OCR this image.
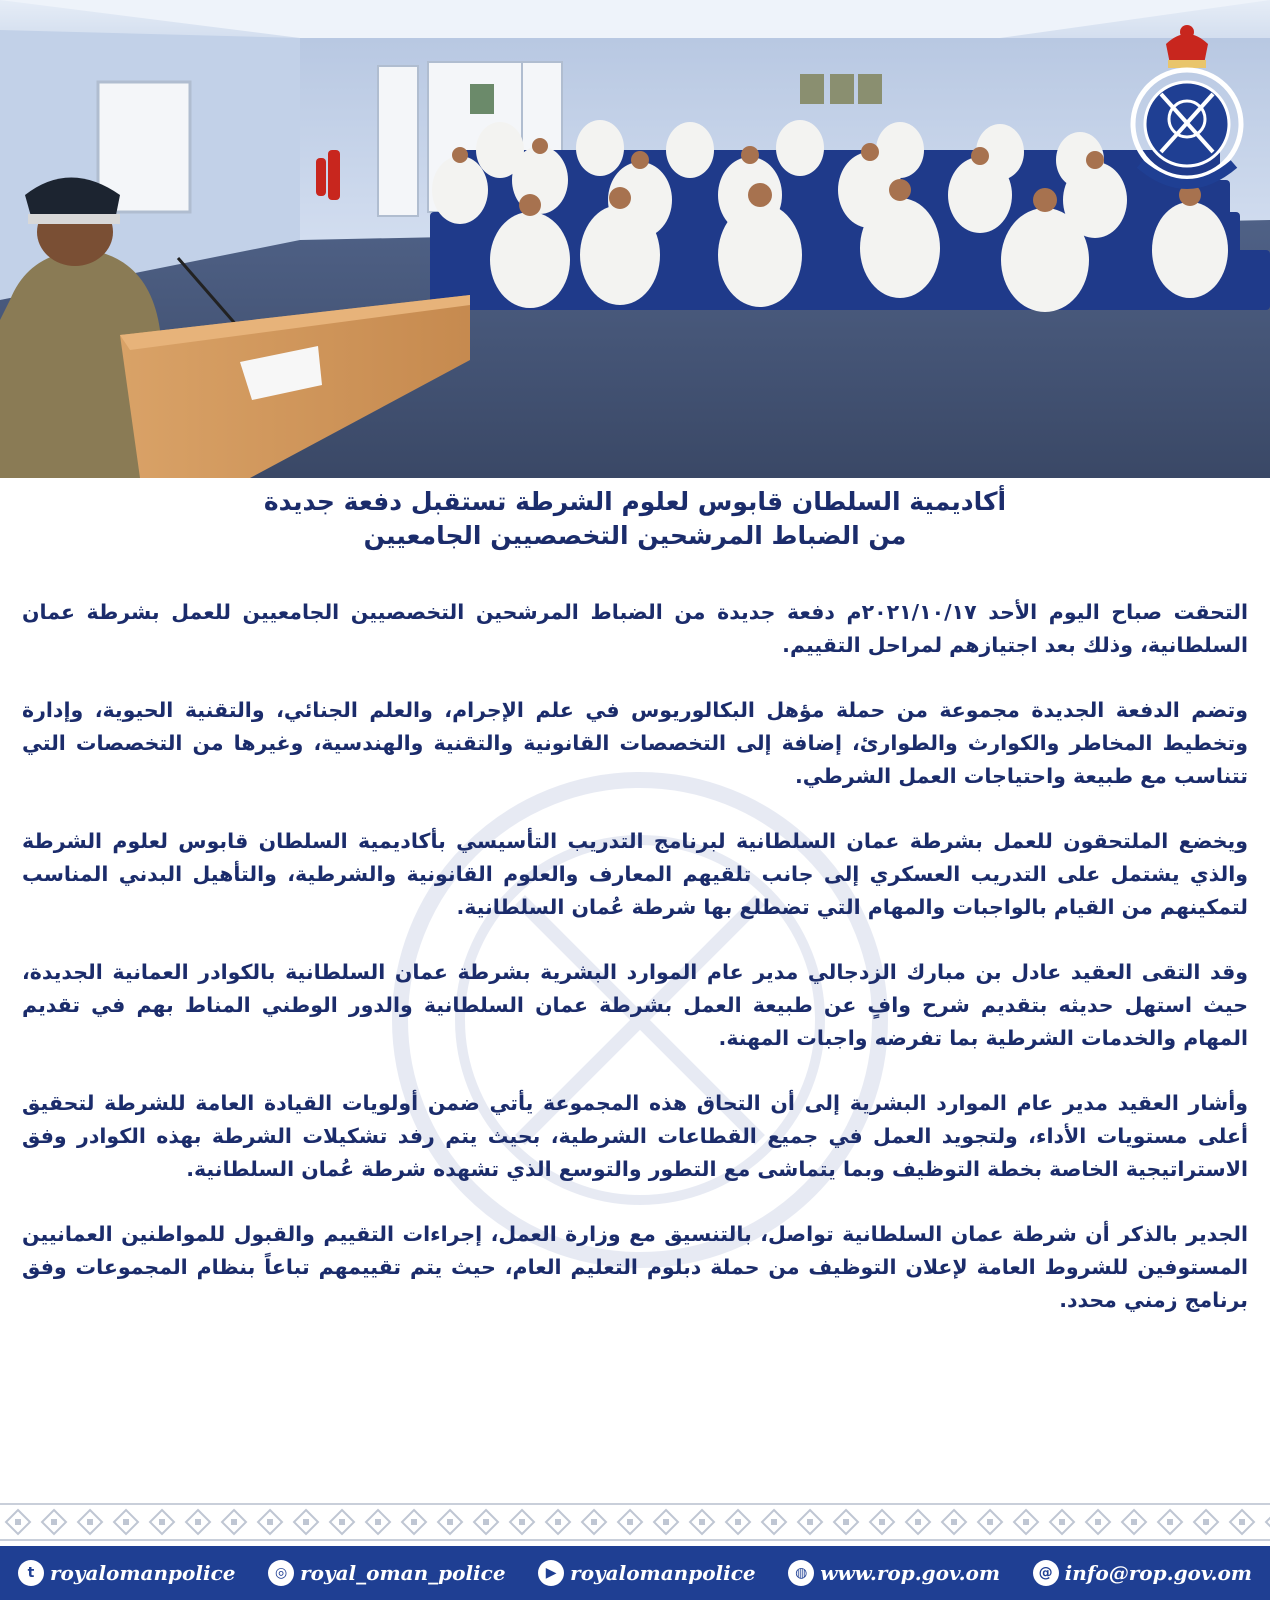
أكاديمية السلطان قابوس لعلوم الشرطة تستقبل دفعة جديدة
من الضباط المرشحين التخصصيين الجامعيين

التحقت صباح اليوم الأحد ٢٠٢١/١٠/١٧م دفعة جديدة من الضباط المرشحين التخصصيين الجامعيين للعمل بشرطة عمان السلطانية، وذلك بعد اجتيازهم لمراحل التقييم.

وتضم الدفعة الجديدة مجموعة من حملة مؤهل البكالوريوس في علم الإجرام، والعلم الجنائي، والتقنية الحيوية، وإدارة وتخطيط المخاطر والكوارث والطوارئ، إضافة إلى التخصصات القانونية والتقنية والهندسية، وغيرها من التخصصات التي تتناسب مع طبيعة واحتياجات العمل الشرطي.

ويخضع الملتحقون للعمل بشرطة عمان السلطانية لبرنامج التدريب التأسيسي بأكاديمية السلطان قابوس لعلوم الشرطة والذي يشتمل على التدريب العسكري إلى جانب تلقيهم المعارف والعلوم القانونية والشرطية، والتأهيل البدني المناسب لتمكينهم من القيام بالواجبات والمهام التي تضطلع بها شرطة عُمان السلطانية.

وقد التقى العقيد عادل بن مبارك الزدجالي مدير عام الموارد البشرية بشرطة عمان السلطانية بالكوادر العمانية الجديدة، حيث استهل حديثه بتقديم شرح وافٍ عن طبيعة العمل بشرطة عمان السلطانية والدور الوطني المناط بهم في تقديم المهام والخدمات الشرطية بما تفرضه واجبات المهنة.

وأشار العقيد مدير عام الموارد البشرية إلى أن التحاق هذه المجموعة يأتي ضمن أولويات القيادة العامة للشرطة لتحقيق أعلى مستويات الأداء، ولتجويد العمل في جميع القطاعات الشرطية، بحيث يتم رفد تشكيلات الشرطة بهذه الكوادر وفق الاستراتيجية الخاصة بخطة التوظيف وبما يتماشى مع التطور والتوسع الذي تشهده شرطة عُمان السلطانية.

الجدير بالذكر أن شرطة عمان السلطانية تواصل، بالتنسيق مع وزارة العمل، إجراءات التقييم والقبول للمواطنين العمانيين المستوفين للشروط العامة لإعلان التوظيف من حملة دبلوم التعليم العام، حيث يتم تقييمهم تباعاً بنظام المجموعات وفق برنامج زمني محدد.

t royalomanpolice	◎ royal_oman_police	▶ royalomanpolice	◍ www.rop.gov.om	@ info@rop.gov.om
